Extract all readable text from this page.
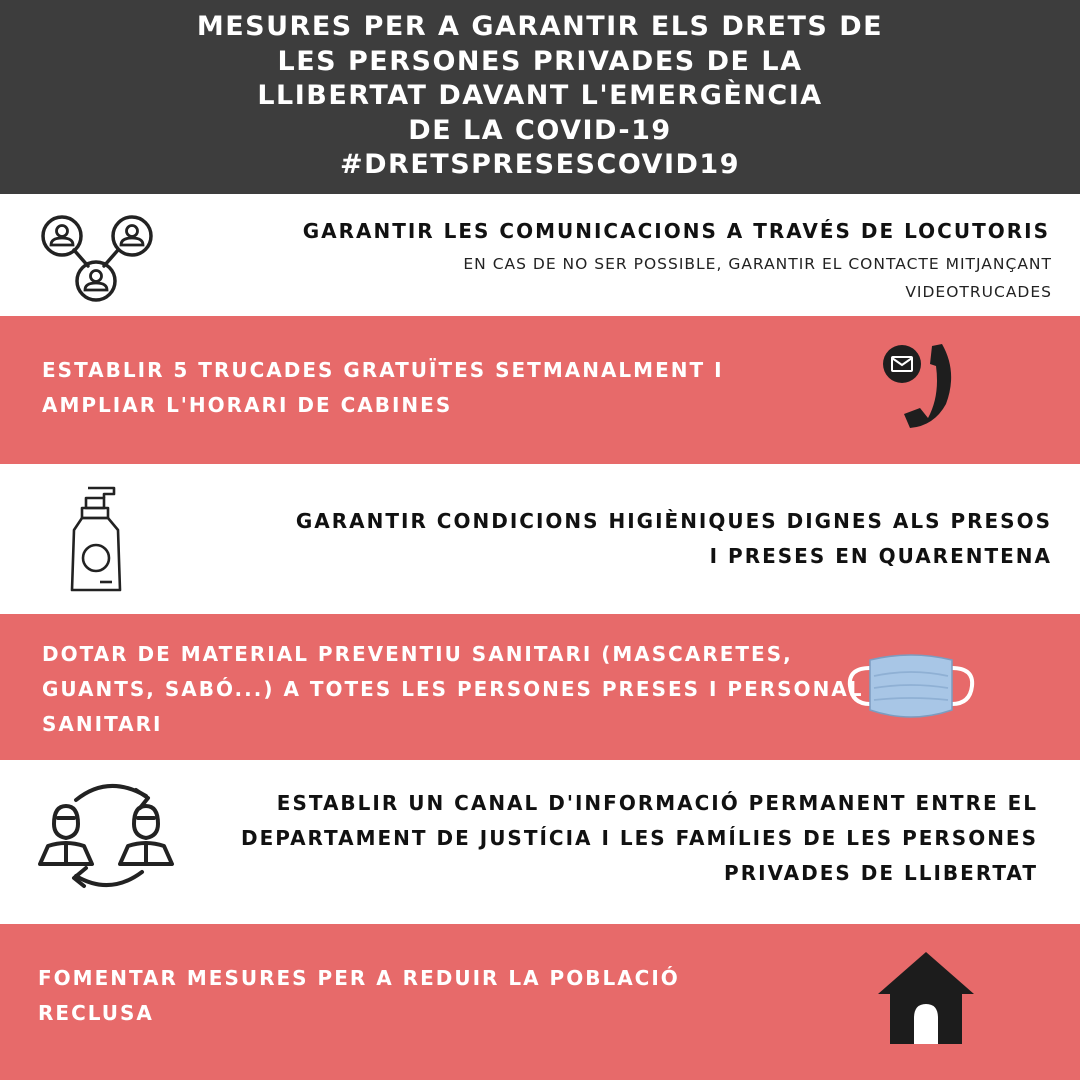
MESURES PER A GARANTIR ELS DRETS DE
LES PERSONES PRIVADES DE LA
LLIBERTAT DAVANT L'EMERGÈNCIA
DE LA COVID-19
#DRETSPRESESCOVID19
GARANTIR LES COMUNICACIONS A TRAVÉS DE LOCUTORIS
EN CAS DE NO SER POSSIBLE, GARANTIR EL CONTACTE MITJANÇANT
VIDEOTRUCADES
ESTABLIR 5 TRUCADES GRATUÏTES SETMANALMENT I
AMPLIAR L'HORARI DE CABINES
GARANTIR CONDICIONS HIGIÈNIQUES DIGNES ALS PRESOS
I PRESES EN QUARENTENA
DOTAR DE MATERIAL PREVENTIU SANITARI (MASCARETES,
GUANTS, SABÓ...) A TOTES LES PERSONES PRESES I PERSONAL
SANITARI
ESTABLIR UN CANAL D'INFORMACIÓ PERMANENT ENTRE EL
DEPARTAMENT DE JUSTÍCIA I LES FAMÍLIES DE LES PERSONES
PRIVADES DE LLIBERTAT
FOMENTAR MESURES PER A REDUIR LA POBLACIÓ
RECLUSA
